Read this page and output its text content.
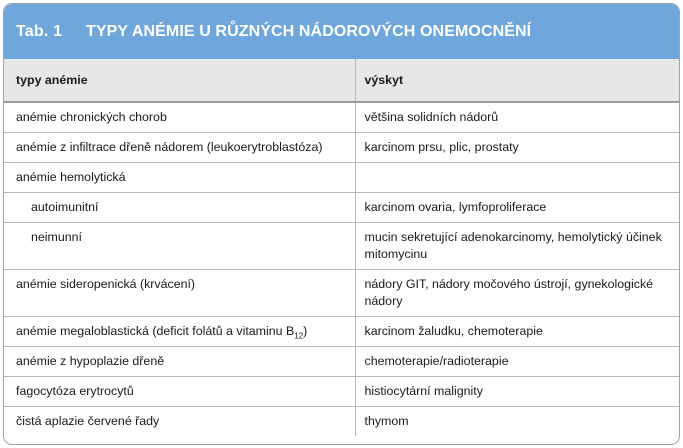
Tab. 1	TYPY ANÉMIE U RŮZNÝCH NÁDOROVÝCH ONEMOCNĚNÍ
typy anémie	výskyt
anémie chronických chorob	většina solidních nádorů
anémie z infiltrace dřeně nádorem (leukoerytroblastóza)	karcinom prsu, plic, prostaty
anémie hemolytická	
autoimunitní	karcinom ovaria, lymfoproliferace
neimunní	mucin sekretující adenokarcinomy, hemolytický účinek mitomycinu
anémie sideropenická (krvácení)	nádory GIT, nádory močového ústrojí, gynekologické nádory
anémie megaloblastická (deficit folátů a vitaminu $B_{12}$)	karcinom žaludku, chemoterapie
anémie z hypoplazie dřeně	chemoterapie/radioterapie
fagocytóza erytrocytů	histiocytární malignity
čistá aplazie červené řady	thymom
